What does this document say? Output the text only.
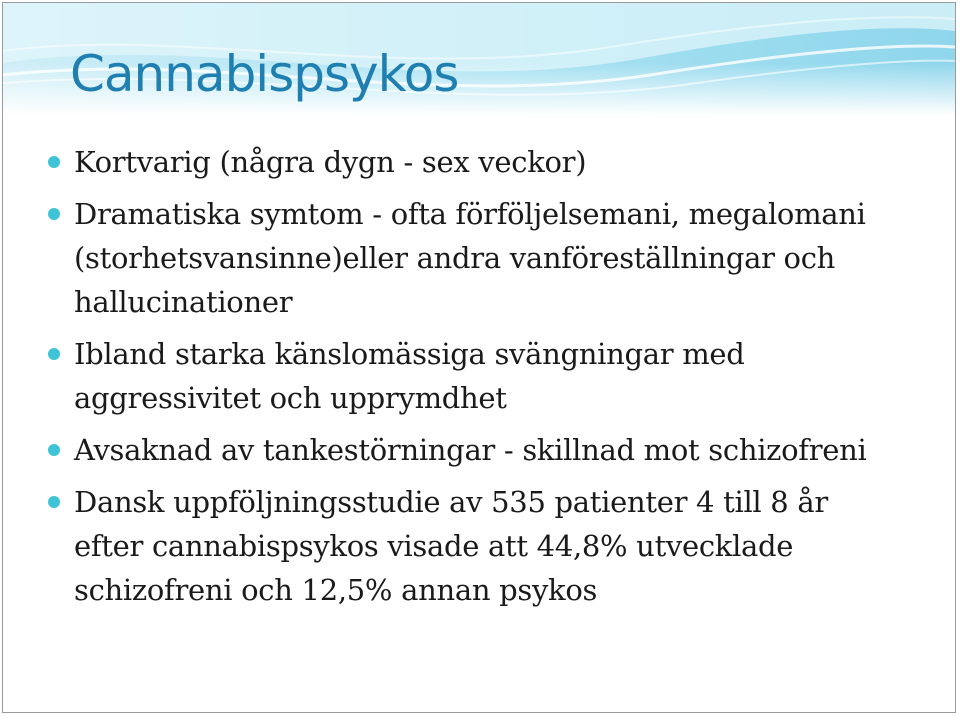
Cannabispsykos
Kortvarig (några dygn - sex veckor)
Dramatiska symtom - ofta förföljelsemani, megalomani (storhetsvansinne)eller andra vanföreställningar och hallucinationer
Ibland starka känslomässiga svängningar med aggressivitet och upprymdhet
Avsaknad av tankestörningar - skillnad mot schizofreni
Dansk uppföljningsstudie av 535 patienter 4 till 8 år efter cannabispsykos visade att 44,8% utvecklade schizofreni och 12,5% annan psykos
